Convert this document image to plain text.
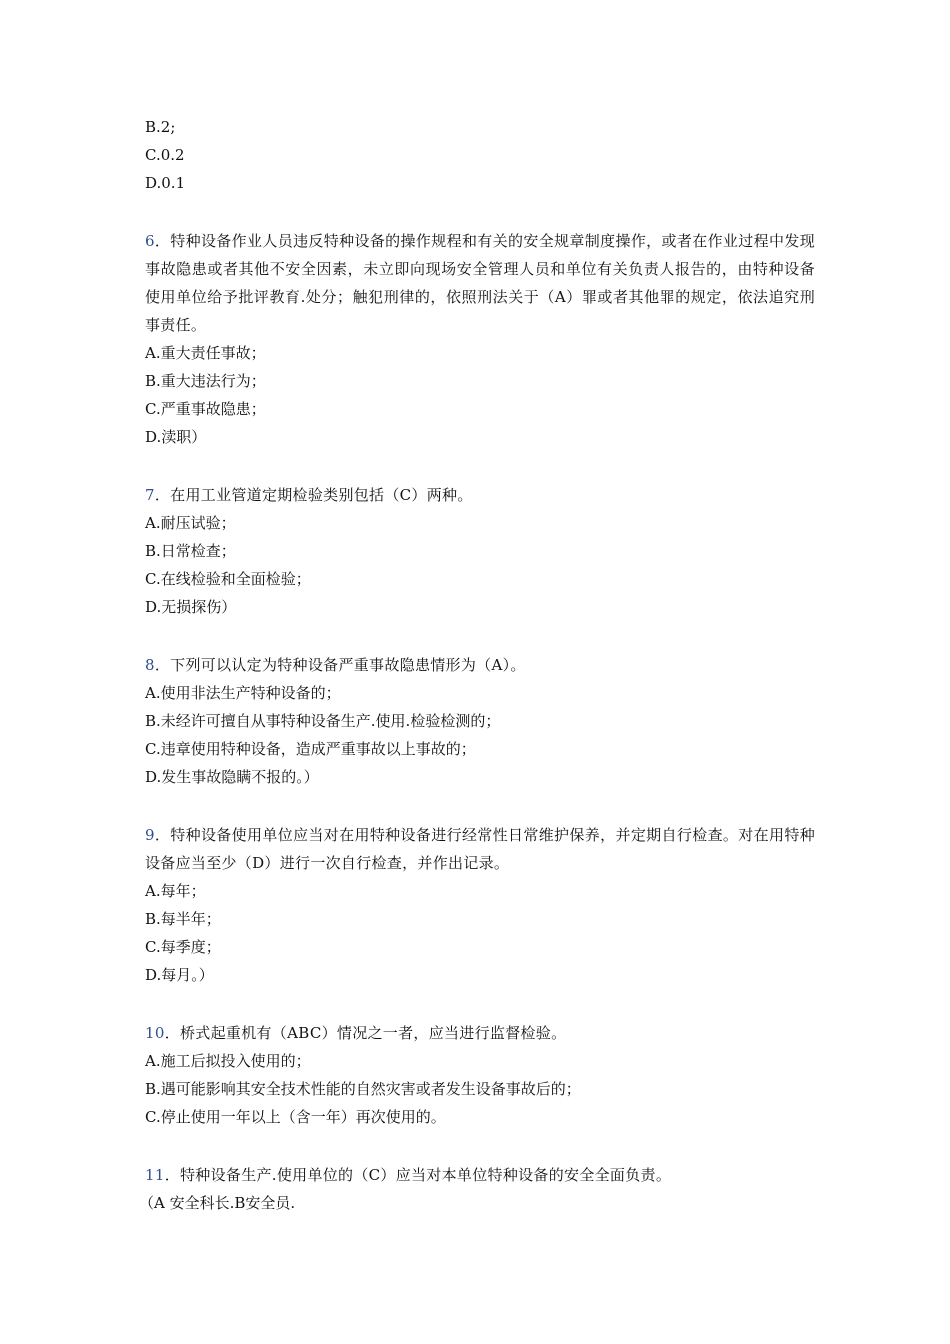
B.2;
C.0.2
D.0.1
6．特种设备作业人员违反特种设备的操作规程和有关的安全规章制度操作，或者在作业过程中发现事故隐患或者其他不安全因素，未立即向现场安全管理人员和单位有关负责人报告的，由特种设备使用单位给予批评教育.处分；触犯刑律的，依照刑法关于（A）罪或者其他罪的规定，依法追究刑事责任。
A.重大责任事故；
B.重大违法行为；
C.严重事故隐患；
D.渎职）
7．在用工业管道定期检验类别包括（C）两种。
A.耐压试验；
B.日常检查；
C.在线检验和全面检验；
D.无损探伤）
8．下列可以认定为特种设备严重事故隐患情形为（A）。
A.使用非法生产特种设备的；
B.未经许可擅自从事特种设备生产.使用.检验检测的；
C.违章使用特种设备，造成严重事故以上事故的；
D.发生事故隐瞒不报的。）
9．特种设备使用单位应当对在用特种设备进行经常性日常维护保养，并定期自行检查。对在用特种设备应当至少（D）进行一次自行检查，并作出记录。
A.每年；
B.每半年；
C.每季度；
D.每月。）
10．桥式起重机有（ABC）情况之一者，应当进行监督检验。
A.施工后拟投入使用的；
B.遇可能影响其安全技术性能的自然灾害或者发生设备事故后的；
C.停止使用一年以上（含一年）再次使用的。
11．特种设备生产.使用单位的（C）应当对本单位特种设备的安全全面负责。
（A 安全科长.B安全员.
